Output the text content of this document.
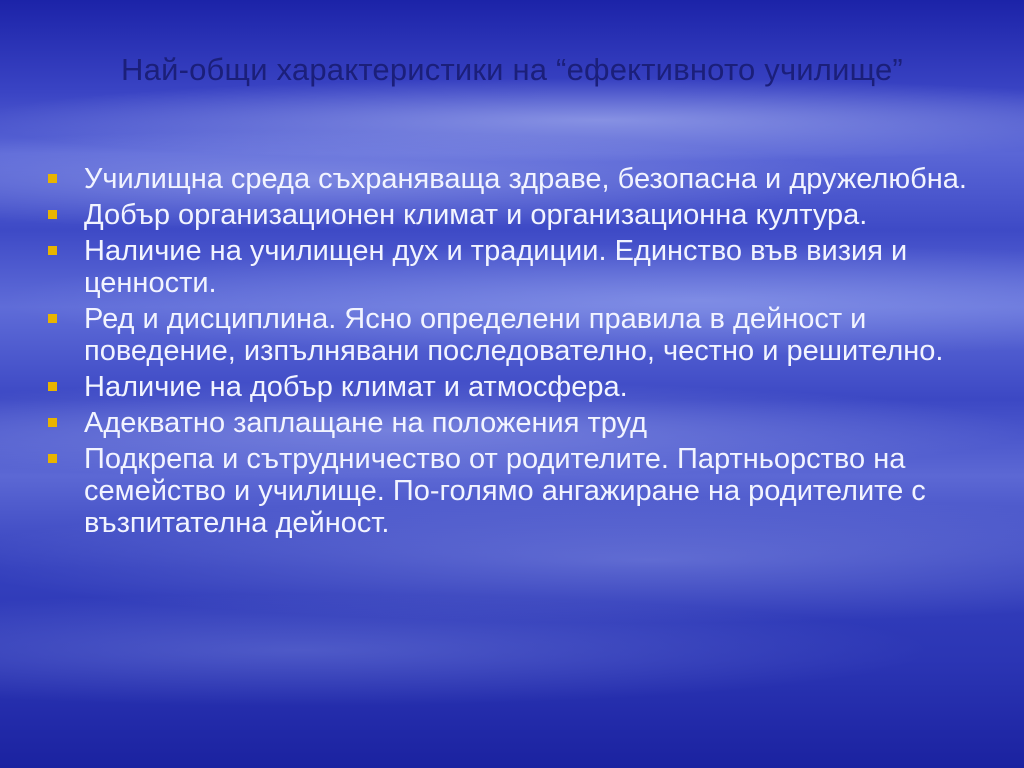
Най-общи характеристики на “ефективното училище”
Училищна среда съхраняваща здраве, безопасна и дружелюбна.
Добър организационен климат и организационна култура.
Наличие на училищен дух и традиции. Единство във визия и ценности.
Ред и дисциплина. Ясно определени правила в дейност и поведение, изпълнявани последователно, честно и решително.
Наличие на добър климат и атмосфера.
Адекватно заплащане на положения труд
Подкрепа и сътрудничество от родителите. Партньорство на семейство и училище. По-голямо ангажиране на родителите с възпитателна дейност.
